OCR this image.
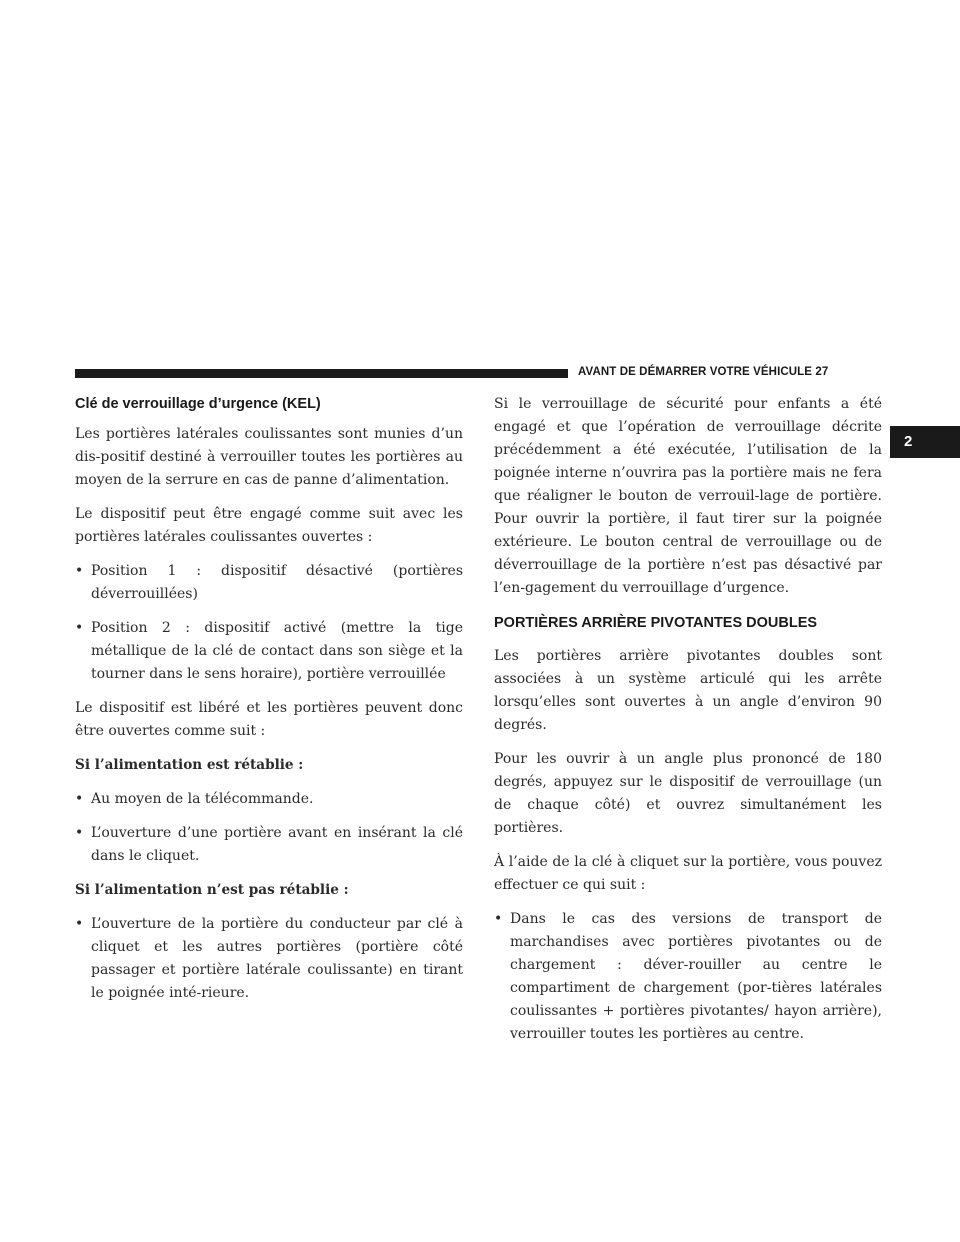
AVANT DE DÉMARRER VOTRE VÉHICULE 27
2
Clé de verrouillage d’urgence (KEL)

Les portières latérales coulissantes sont munies d’un dis-positif destiné à verrouiller toutes les portières au moyen de la serrure en cas de panne d’alimentation.

Le dispositif peut être engagé comme suit avec les portières latérales coulissantes ouvertes :

• Position 1 : dispositif désactivé (portières déverrouillées)
• Position 2 : dispositif activé (mettre la tige métallique de la clé de contact dans son siège et la tourner dans le sens horaire), portière verrouillée

Le dispositif est libéré et les portières peuvent donc être ouvertes comme suit :

Si l’alimentation est rétablie :

• Au moyen de la télécommande.
• L’ouverture d’une portière avant en insérant la clé dans le cliquet.

Si l’alimentation n’est pas rétablie :

• L’ouverture de la portière du conducteur par clé à cliquet et les autres portières (portière côté passager et portière latérale coulissante) en tirant le poignée inté-rieure.

Si le verrouillage de sécurité pour enfants a été engagé et que l’opération de verrouillage décrite précédemment a été exécutée, l’utilisation de la poignée interne n’ouvrira pas la portière mais ne fera que réaligner le bouton de verrouil-lage de portière. Pour ouvrir la portière, il faut tirer sur la poignée extérieure. Le bouton central de verrouillage ou de déverrouillage de la portière n’est pas désactivé par l’en-gagement du verrouillage d’urgence.

PORTIÈRES ARRIÈRE PIVOTANTES DOUBLES

Les portières arrière pivotantes doubles sont associées à un système articulé qui les arrête lorsqu’elles sont ouvertes à un angle d’environ 90 degrés.

Pour les ouvrir à un angle plus prononcé de 180 degrés, appuyez sur le dispositif de verrouillage (un de chaque côté) et ouvrez simultanément les portières.

À l’aide de la clé à cliquet sur la portière, vous pouvez effectuer ce qui suit :

• Dans le cas des versions de transport de marchandises avec portières pivotantes ou de chargement : déver-rouiller au centre le compartiment de chargement (por-tières latérales coulissantes + portières pivotantes/ hayon arrière), verrouiller toutes les portières au centre.
